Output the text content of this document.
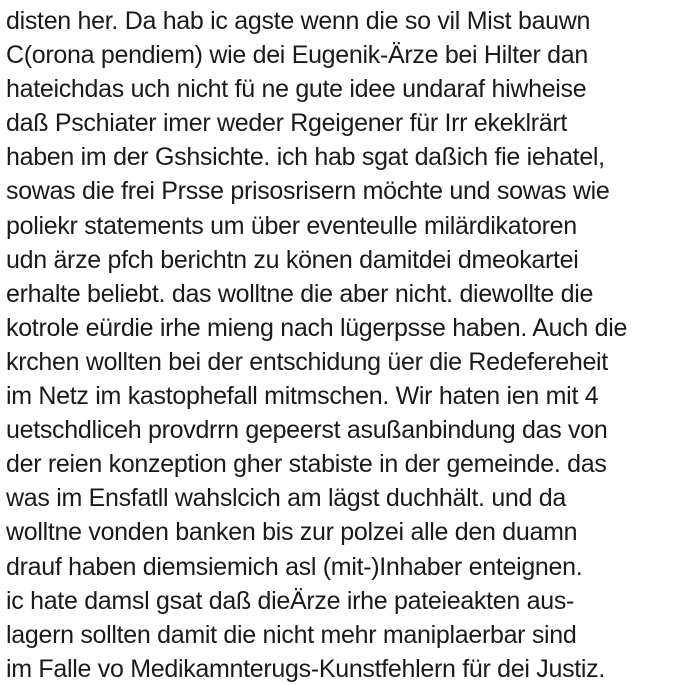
disten her. Da hab ic agste wenn die so vil Mist bauwn
C(orona pendiem) wie dei Eugenik-Ärze bei Hilter dan
hateichdas uch nicht fü ne gute idee undaraf hiwheise
daß Pschiater imer weder Rgeigener für Irr ekeklrärt
haben im der Gshsichte. ich hab sgat daßich fie iehatel,
sowas die frei Prsse prisosrisern möchte und sowas wie
poliekr statements um über eventeulle milärdikatoren
udn ärze pfch berichtn zu könen damitdei dmeokartei
erhalte beliebt. das wolltne die aber nicht. diewollte die
kotrole eürdie irhe mieng nach lügerpsse haben. Auch die
krchen wollten bei der entschidung üer die Redefereheit
im Netz im kastophefall mitmschen. Wir haten ien mit 4
uetschdliceh provdrrn gepeerst asußanbindung das von
der reien konzeption gher stabiste in der gemeinde. das
was im Ensfatll wahslcich am lägst duchhält. und da
wolltne vonden banken bis zur polzei alle den duamn
drauf haben diemsiemich asl (mit-)Inhaber enteignen.
ic hate damsl gsat daß dieÄrze irhe pateieakten aus-
lagern sollten damit die nicht mehr maniplaerbar sind
im Falle vo Medikamnterugs-Kunstfehlern für dei Justiz.
